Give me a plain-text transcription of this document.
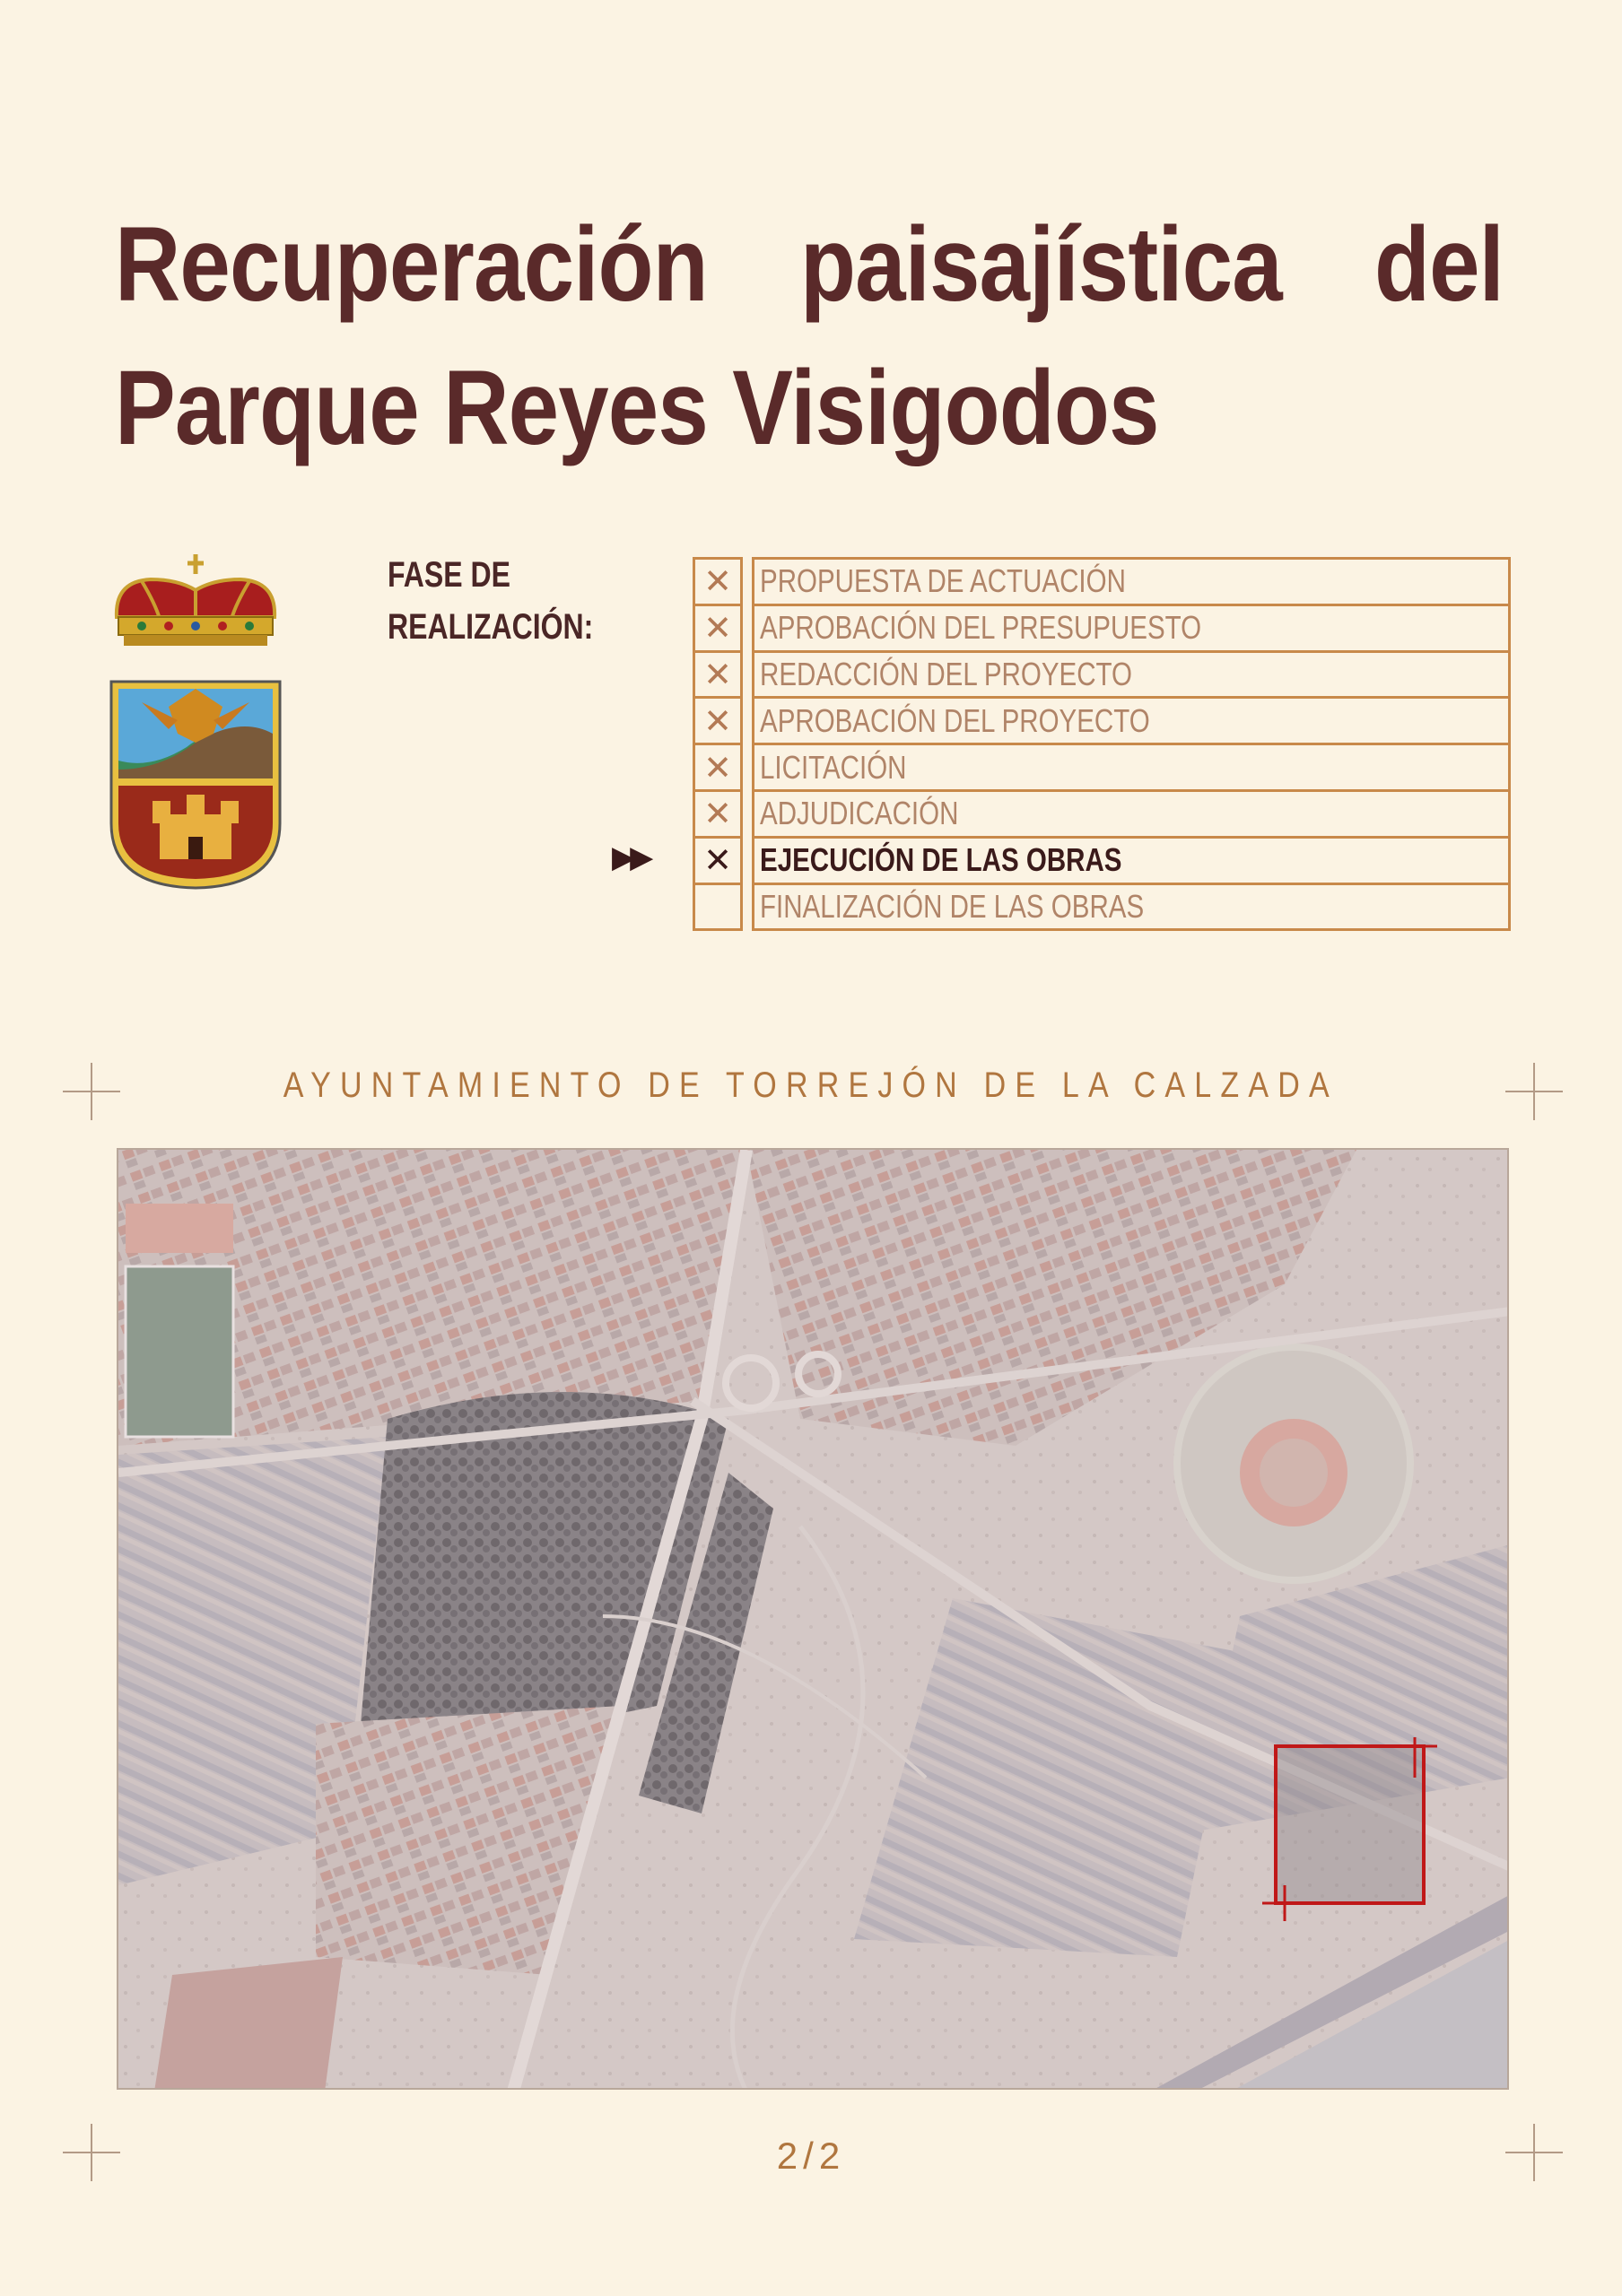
Recuperación paisajística del
Parque Reyes Visigodos
FASE DE
REALIZACIÓN:
✕ PROPUESTA DE ACTUACIÓN
✕ APROBACIÓN DEL PRESUPUESTO
✕ REDACCIÓN DEL PROYECTO
✕ APROBACIÓN DEL PROYECTO
✕ LICITACIÓN
✕ ADJUDICACIÓN
▶▶	✕ EJECUCIÓN DE LAS OBRAS
FINALIZACIÓN DE LAS OBRAS
AYUNTAMIENTO DE TORREJÓN DE LA CALZADA
2/2
